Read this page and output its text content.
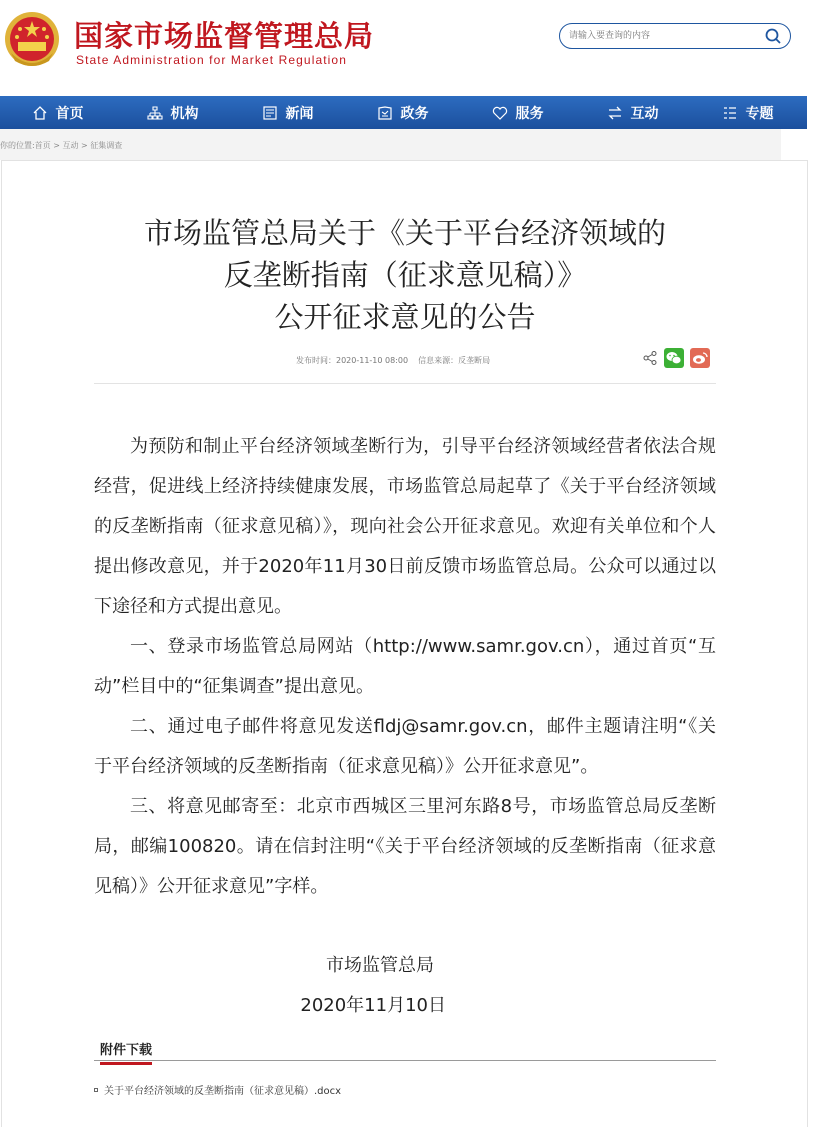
国家市场监督管理总局
State Administration for Market Regulation
请输入要查询的内容
首页	机构	新闻	政务	服务	互动	专题
你的位置:首页 > 互动 > 征集调查
市场监管总局关于《关于平台经济领域的
反垄断指南（征求意见稿）》
公开征求意见的公告
发布时间：2020-11-10 08:00 信息来源：反垄断局

为预防和制止平台经济领域垄断行为，引导平台经济领域经营者依法合规经营，促进线上经济持续健康发展，市场监管总局起草了《关于平台经济领域的反垄断指南（征求意见稿）》，现向社会公开征求意见。欢迎有关单位和个人提出修改意见，并于2020年11月30日前反馈市场监管总局。公众可以通过以下途径和方式提出意见。

一、登录市场监管总局网站（http://www.samr.gov.cn），通过首页“互动”栏目中的“征集调查”提出意见。

二、通过电子邮件将意见发送fldj@samr.gov.cn，邮件主题请注明“《关于平台经济领域的反垄断指南（征求意见稿）》公开征求意见”。

三、将意见邮寄至：北京市西城区三里河东路8号，市场监管总局反垄断局，邮编100820。请在信封注明“《关于平台经济领域的反垄断指南（征求意见稿）》公开征求意见”字样。

市场监管总局
2020年11月10日
附件下载
关于平台经济领域的反垄断指南（征求意见稿）.docx
